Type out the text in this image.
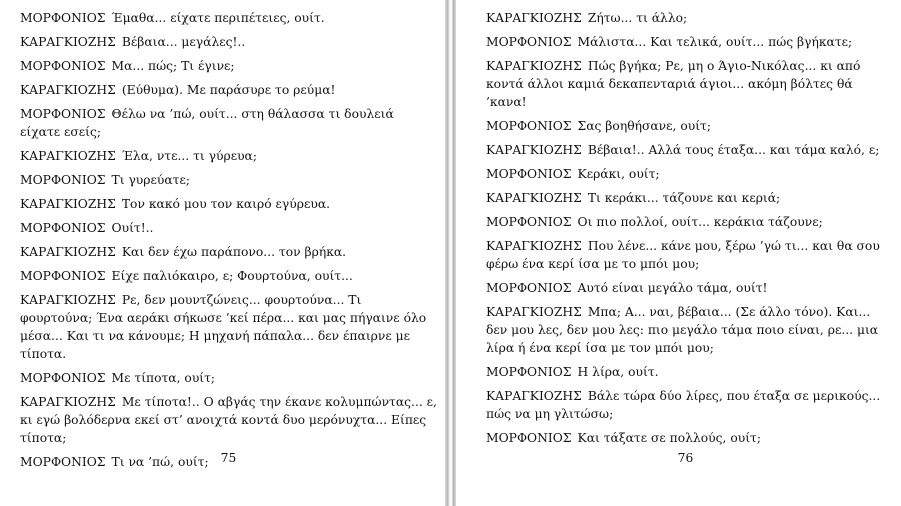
ΜΟΡΦΟΝΙΟΣ Έμαθα... είχατε περιπέτειες, ουίτ.

ΚΑΡΑΓΚΙΟΖΗΣ Βέβαια... μεγάλες!..

ΜΟΡΦΟΝΙΟΣ Μα... πώς; Τι έγινε;

ΚΑΡΑΓΚΙΟΖΗΣ (Εύθυμα). Με παράσυρε το ρεύμα!

ΜΟΡΦΟΝΙΟΣ Θέλω να ’πώ, ουίτ... στη θάλασσα τι δουλειά είχατε εσείς;

ΚΑΡΑΓΚΙΟΖΗΣ Έλα, ντε... τι γύρευα;

ΜΟΡΦΟΝΙΟΣ Τι γυρεύατε;

ΚΑΡΑΓΚΙΟΖΗΣ Τον κακό μου τον καιρό εγύρευα.

ΜΟΡΦΟΝΙΟΣ Ουίτ!..

ΚΑΡΑΓΚΙΟΖΗΣ Και δεν έχω παράπονο... τον βρήκα.

ΜΟΡΦΟΝΙΟΣ Είχε παλιόκαιρο, ε; Φουρτούνα, ουίτ...

ΚΑΡΑΓΚΙΟΖΗΣ Ρε, δεν μουντζώνεις... φουρτούνα... Τι φουρτούνα; Ένα αεράκι σήκωσε ’κεί πέρα... και μας πήγαινε όλο μέσα... Και τι να κάνουμε; Η μηχανή πάπαλα... δεν έπαιρνε με τίποτα.

ΜΟΡΦΟΝΙΟΣ Με τίποτα, ουίτ;

ΚΑΡΑΓΚΙΟΖΗΣ Με τίποτα!.. Ο αβγάς την έκανε κολυμπώντας... ε, κι εγώ βολόδερνα εκεί στ’ ανοιχτά κοντά δυο μερόνυχτα... Είπες τίποτα;

ΜΟΡΦΟΝΙΟΣ Τι να ’πώ, ουίτ; 75

ΚΑΡΑΓΚΙΟΖΗΣ Ζήτω... τι άλλο;

ΜΟΡΦΟΝΙΟΣ Μάλιστα... Και τελικά, ουίτ... πώς βγήκατε;

ΚΑΡΑΓΚΙΟΖΗΣ Πώς βγήκα; Ρε, μη ο Άγιο-Νικόλας... κι από κοντά άλλοι καμιά δεκαπενταριά άγιοι... ακόμη βόλτες θά ’κανα!

ΜΟΡΦΟΝΙΟΣ Σας βοηθήσανε, ουίτ;

ΚΑΡΑΓΚΙΟΖΗΣ Βέβαια!.. Αλλά τους έταξα... και τάμα καλό, ε;

ΜΟΡΦΟΝΙΟΣ Κεράκι, ουίτ;

ΚΑΡΑΓΚΙΟΖΗΣ Τι κεράκι... τάζουνε και κεριά;

ΜΟΡΦΟΝΙΟΣ Οι πιο πολλοί, ουίτ... κεράκια τάζουνε;

ΚΑΡΑΓΚΙΟΖΗΣ Που λένε... κάνε μου, ξέρω ’γώ τι... και θα σου φέρω ένα κερί ίσα με το μπόι μου;

ΜΟΡΦΟΝΙΟΣ Αυτό είναι μεγάλο τάμα, ουίτ!

ΚΑΡΑΓΚΙΟΖΗΣ Μπα; Α... ναι, βέβαια... (Σε άλλο τόνο). Και... δεν μου λες, δεν μου λες: πιο μεγάλο τάμα ποιο είναι, ρε... μια λίρα ή ένα κερί ίσα με τον μπόι μου;

ΜΟΡΦΟΝΙΟΣ Η λίρα, ουίτ.

ΚΑΡΑΓΚΙΟΖΗΣ Βάλε τώρα δύο λίρες, που έταξα σε μερικούς... πώς να μη γλιτώσω;

ΜΟΡΦΟΝΙΟΣ Και τάξατε σε πολλούς, ουίτ;

76
